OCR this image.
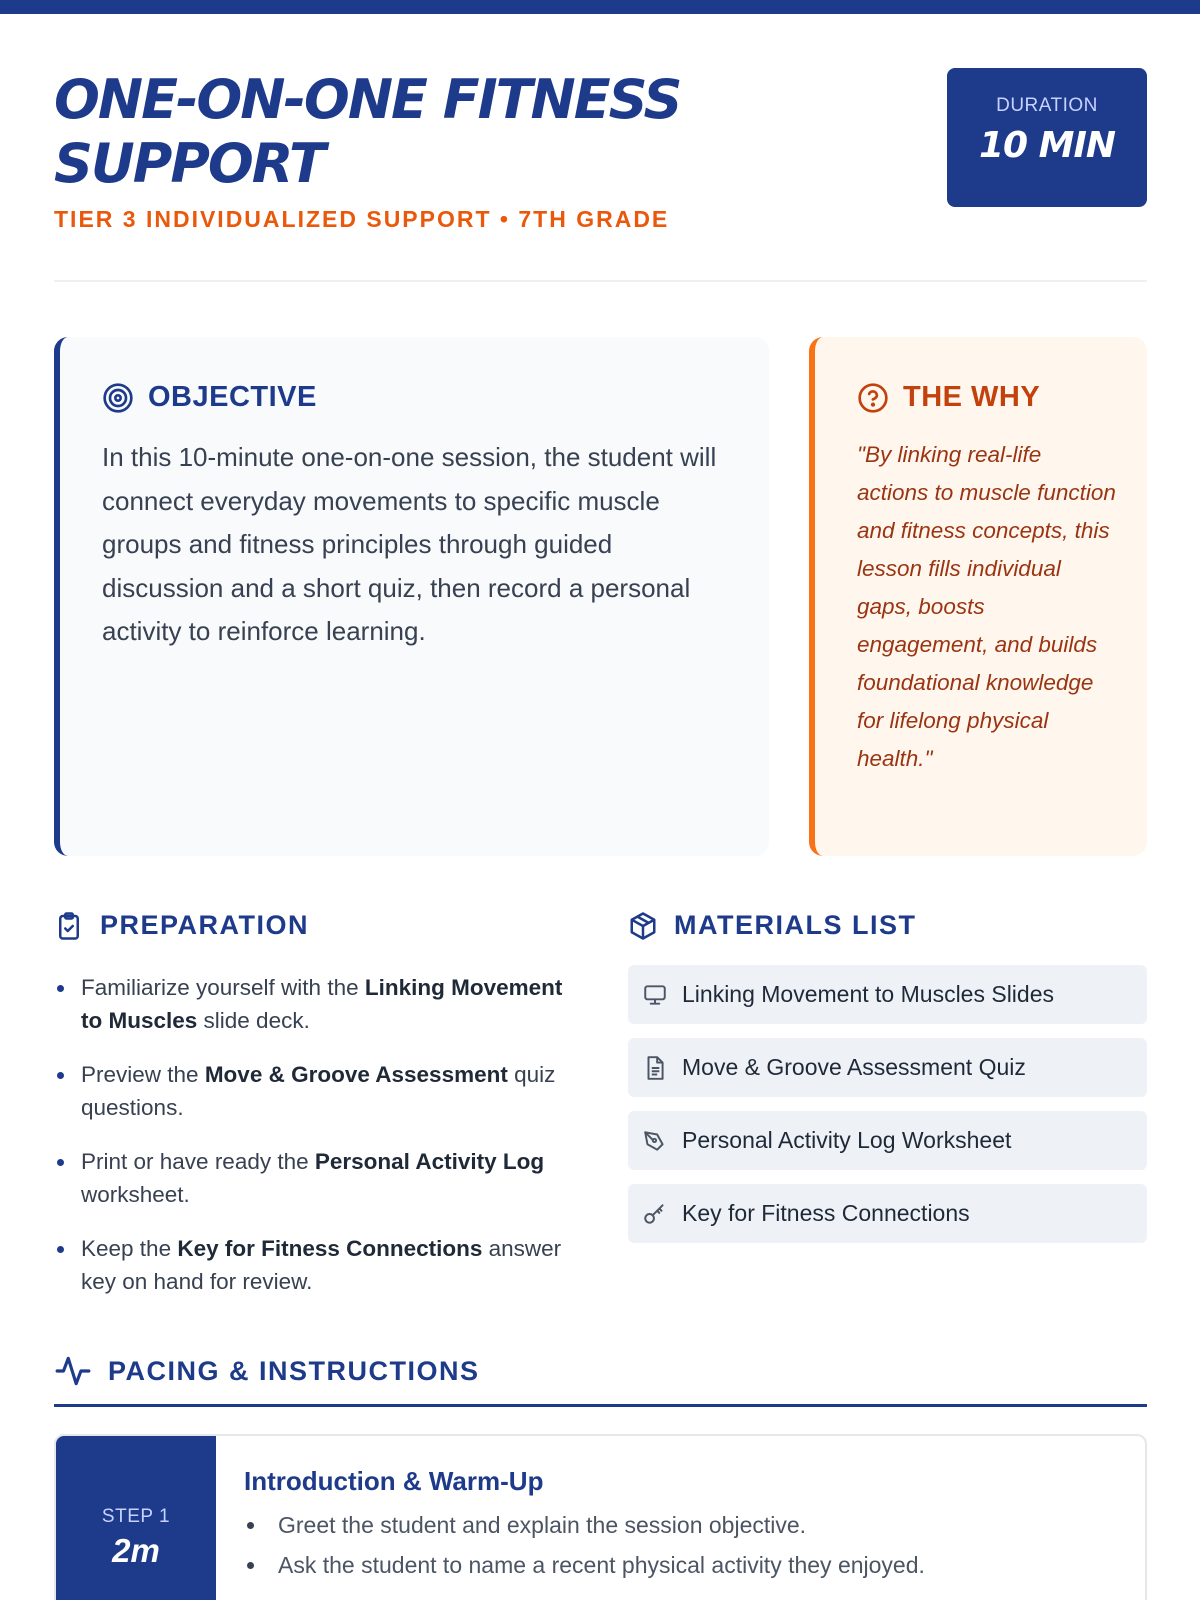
ONE-ON-ONE FITNESS SUPPORT
TIER 3 INDIVIDUALIZED SUPPORT • 7TH GRADE
DURATION
10 MIN
OBJECTIVE

In this 10-minute one-on-one session, the student will connect everyday movements to specific muscle groups and fitness principles through guided discussion and a short quiz, then record a personal activity to reinforce learning.

THE WHY

"By linking real-life actions to muscle function and fitness concepts, this lesson fills individual gaps, boosts engagement, and builds foundational knowledge for lifelong physical health."

PREPARATION
Familiarize yourself with the Linking Movement to Muscles slide deck.
Preview the Move & Groove Assessment quiz questions.
Print or have ready the Personal Activity Log worksheet.
Keep the Key for Fitness Connections answer key on hand for review.
MATERIALS LIST
Linking Movement to Muscles Slides
Move & Groove Assessment Quiz
Personal Activity Log Worksheet
Key for Fitness Connections
PACING & INSTRUCTIONS
STEP 1
2m
Introduction & Warm-Up
Greet the student and explain the session objective.
Ask the student to name a recent physical activity they enjoyed.
